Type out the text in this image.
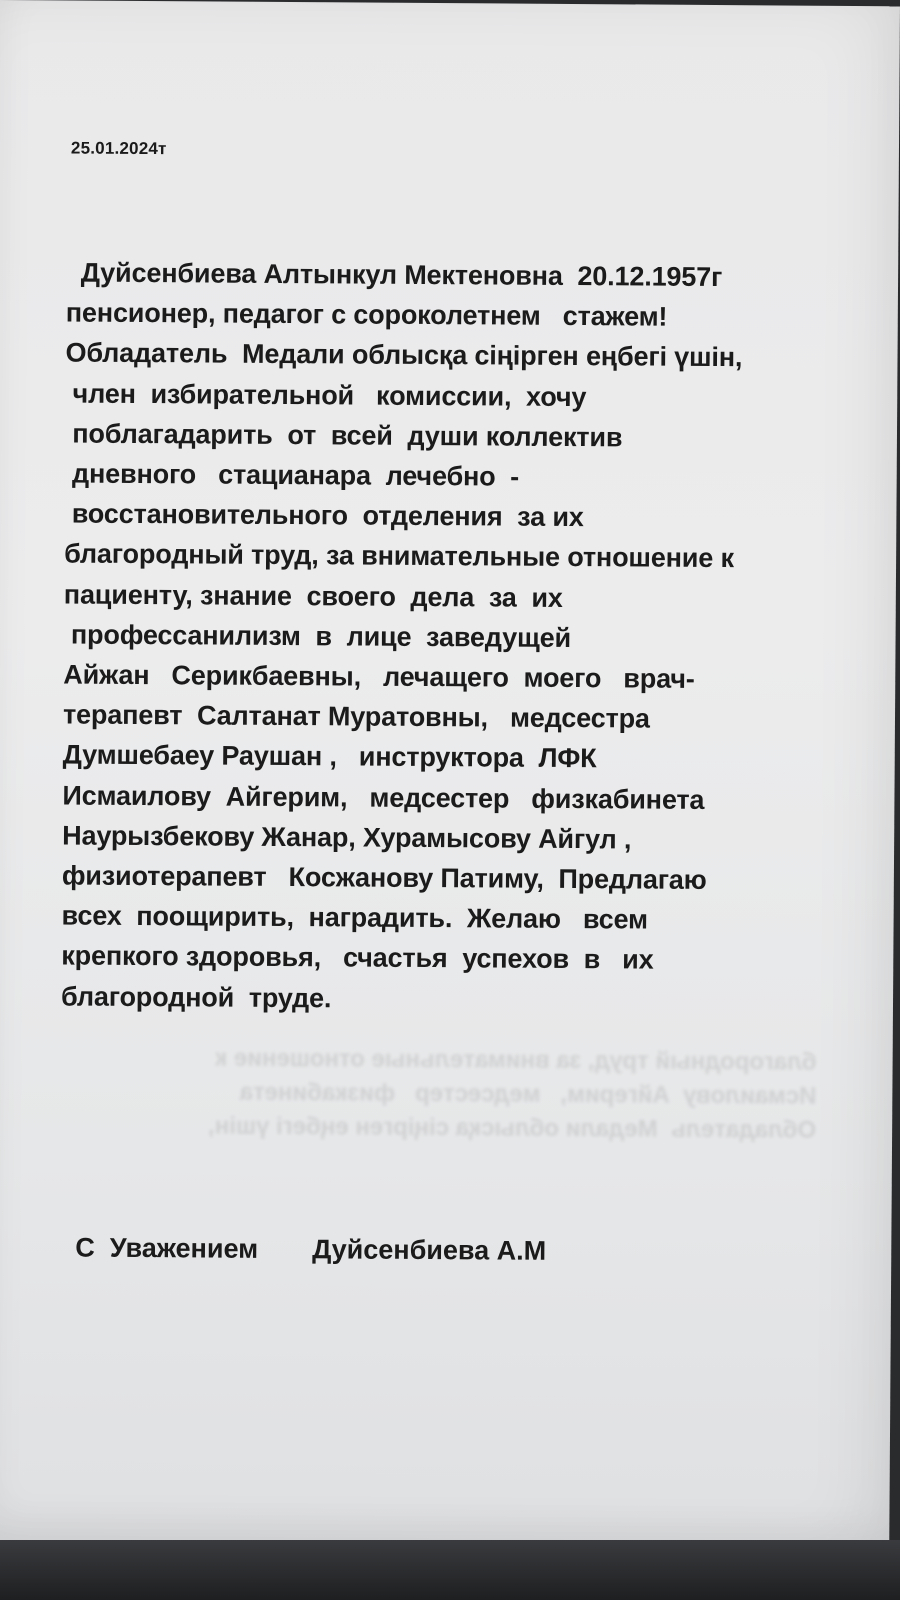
25.01.2024т
Дуйсенбиева Алтынкул Мектеновна  20.12.1957г
пенсионер, педагог с сороколетнем   стажем!
Обладатель  Медали облысқа сіңірген еңбегі үшін,
член  избирательной   комиссии,  хочу
поблагадарить  от  всей  души коллектив
дневного   стацианара  лечебно  -
восстановительного  отделения  за их
благородный труд, за внимательные отношение к
пациенту, знание  своего  дела  за  их
профессанилизм  в  лице  заведущей
Айжан   Серикбаевны,   лечащего  моего   врач-
терапевт  Салтанат Муратовны,   медсестра
Думшебаеу Раушан ,   инструктора  ЛФК
Исмаилову  Айгерим,   медсестер   физкабинета
Наурызбекову Жанар, Хурамысову Айгул ,
физиотерапевт   Косжанову Патиму,  Предлагаю
всех  поощирить,  наградить.  Желаю   всем
крепкого здоровья,   счастья  успехов  в   их
благородной  труде.
благородный труд, за внимательные отношение к
Исмаилову  Айгерим,   медсестер   физкабинета
Обладатель  Медали облысқа сіңірген еңбегі үшін,
С  Уважением Дуйсенбиева А.М
